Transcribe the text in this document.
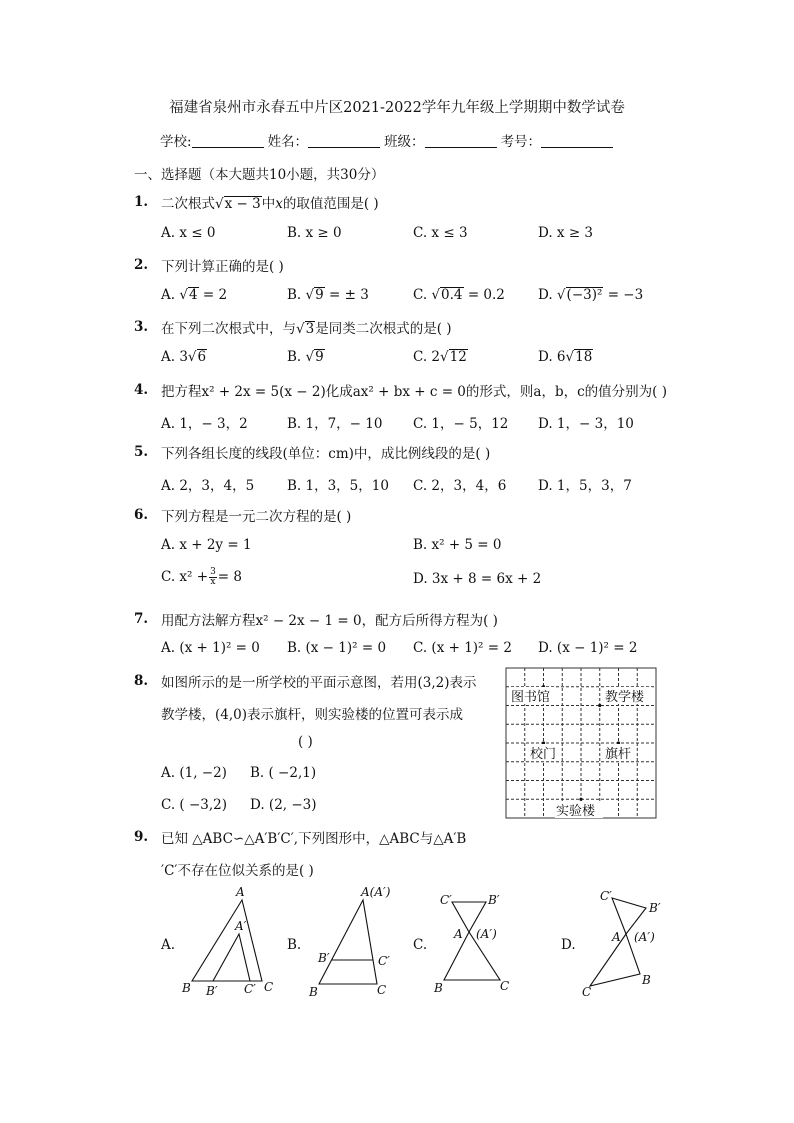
福建省泉州市永春五中片区2021-2022学年九年级上学期期中数学试卷
学校:	姓名：	班级：	考号：
一、选择题（本大题共10小题，共30分）
1. 二次根式√x − 3中x的取值范围是( )
A. x ≤ 0	B. x ≥ 0	C. x ≤ 3	D. x ≥ 3
2. 下列计算正确的是( )
A. √4 = 2	B. √9 = ± 3	C. √0.4 = 0.2 D. √(−3)² = −3
3. 在下列二次根式中，与√3是同类二次根式的是( )
A. 3√6	B. √9	C. 2√12	D. 6√18
4. 把方程x² + 2x = 5(x − 2)化成ax² + bx + c = 0的形式，则a，b，c的值分别为( )
A. 1，− 3，2	B. 1，7，− 10 C. 1，− 5，12 D. 1，− 3，10
5. 下列各组长度的线段(单位：cm)中，成比例线段的是( )
A. 2，3，4，5 B. 1，3，5，10 C. 2，3，4，6 D. 1，5，3，7
6. 下列方程是一元二次方程的是( )
A. x + 2y = 1	B. x² + 5 = 0
C. $x^2 + \frac{3}{x} = 8$	D. 3x + 8 = 6x + 2
7. 用配方法解方程x² − 2x − 1 = 0，配方后所得方程为( )
A. (x + 1)² = 0 B. (x − 1)² = 0 C. (x + 1)² = 2 D. (x − 1)² = 2
8. 如图所示的是一所学校的平面示意图，若用(3,2)表示
教学楼，(4,0)表示旗杆，则实验楼的位置可表示成
( )
A. (1, −2) B. ( −2,1)
C. ( −3,2) D. (2, −3)
图书馆	教学楼
校门	旗杆
实验楼
9. 已知 △ABC∽△A′B′C′,下列图形中，△ABC与△A′B
′C′不存在位似关系的是( )
A.	B.	C.	D.
A
A′
B B′ C′ C
A(A′)
B′	C′
B	C
C′	B′
A (A′)
B	C
C′
B′
A (A′)
C
B
